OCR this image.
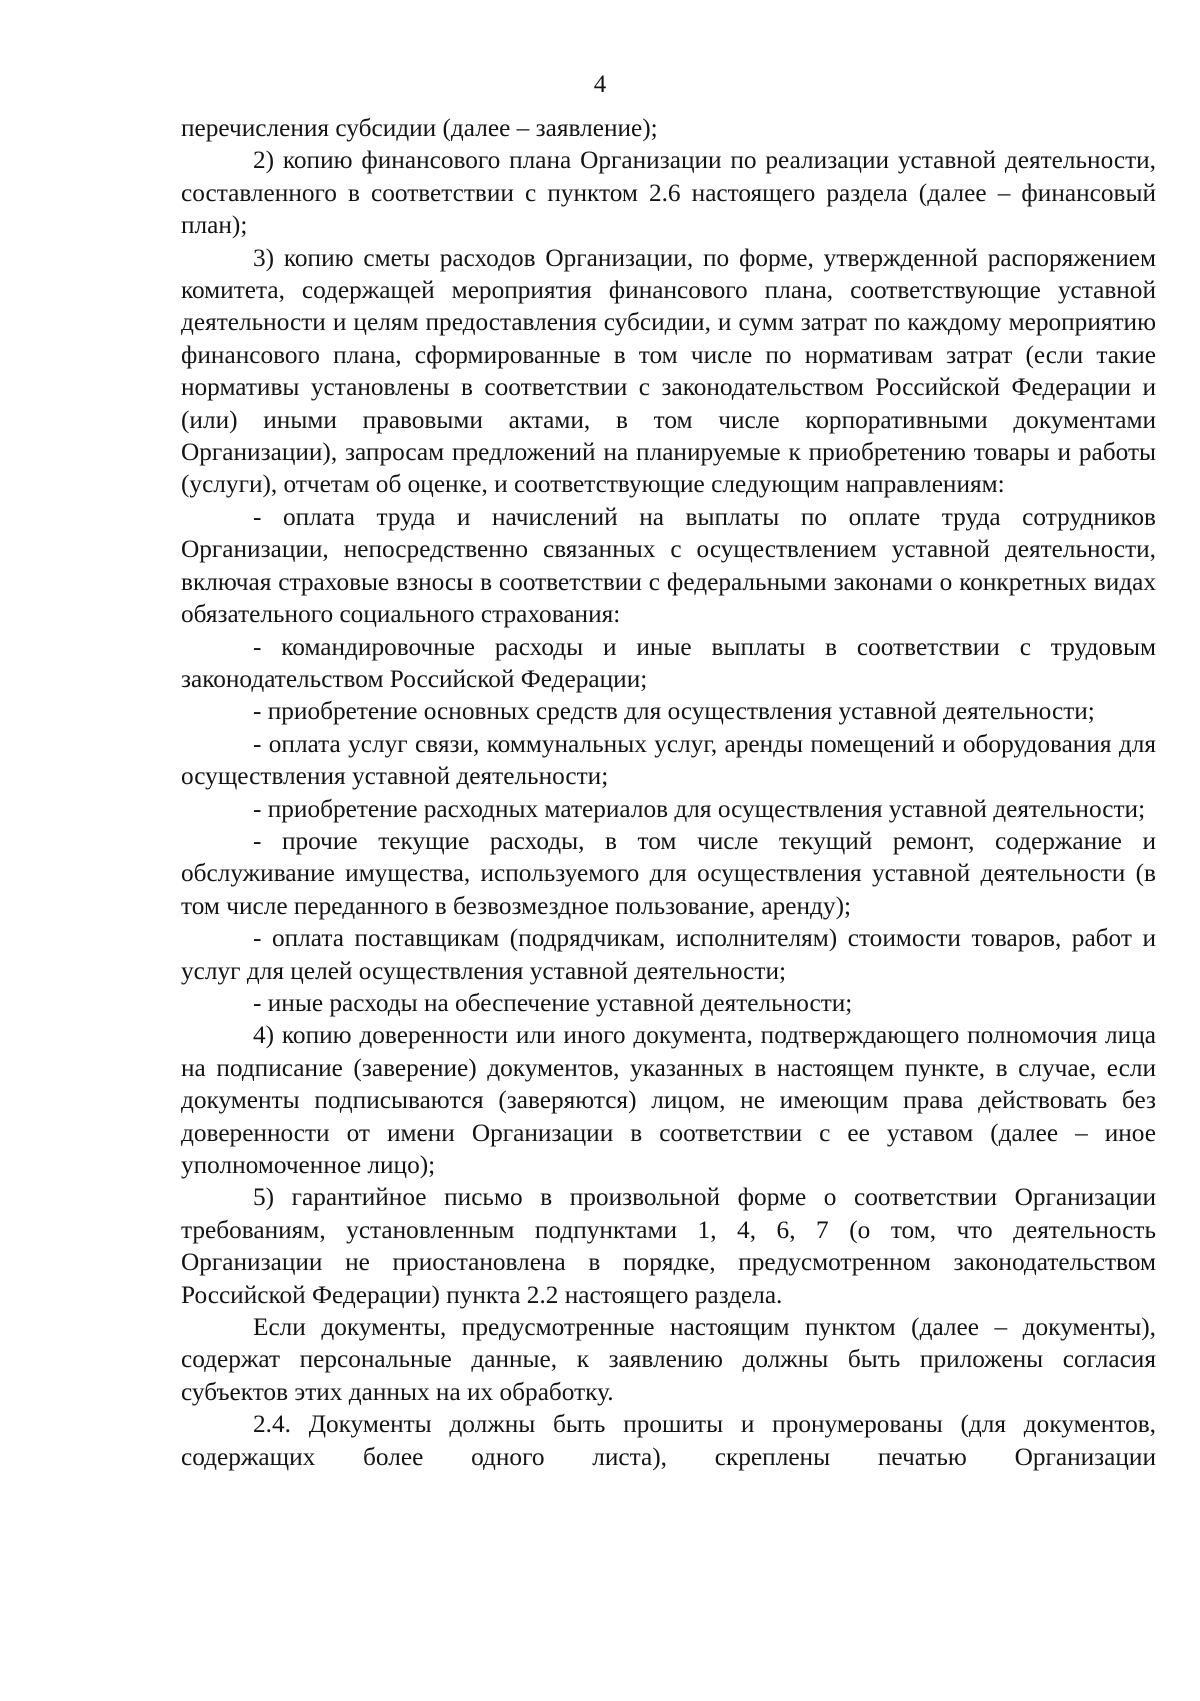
4

перечисления субсидии (далее – заявление);

2) копию финансового плана Организации по реализации уставной деятельности, составленного в соответствии с пунктом 2.6 настоящего раздела (далее – финансовый план);

3) копию сметы расходов Организации, по форме, утвержденной распоряжением комитета, содержащей мероприятия финансового плана, соответствующие уставной деятельности и целям предоставления субсидии, и сумм затрат по каждому мероприятию финансового плана, сформированные в том числе по нормативам затрат (если такие нормативы установлены в соответствии с законодательством Российской Федерации и (или) иными правовыми актами, в том числе корпоративными документами Организации), запросам предложений на планируемые к приобретению товары и работы (услуги), отчетам об оценке, и соответствующие следующим направлениям:

- оплата труда и начислений на выплаты по оплате труда сотрудников Организации, непосредственно связанных с осуществлением уставной деятельности, включая страховые взносы в соответствии с федеральными законами о конкретных видах обязательного социального страхования:

- командировочные расходы и иные выплаты в соответствии с трудовым законодательством Российской Федерации;

- приобретение основных средств для осуществления уставной деятельности;

- оплата услуг связи, коммунальных услуг, аренды помещений и оборудования для осуществления уставной деятельности;

- приобретение расходных материалов для осуществления уставной деятельности;

- прочие текущие расходы, в том числе текущий ремонт, содержание и обслуживание имущества, используемого для осуществления уставной деятельности (в том числе переданного в безвозмездное пользование, аренду);

- оплата поставщикам (подрядчикам, исполнителям) стоимости товаров, работ и услуг для целей осуществления уставной деятельности;

- иные расходы на обеспечение уставной деятельности;

4) копию доверенности или иного документа, подтверждающего полномочия лица на подписание (заверение) документов, указанных в настоящем пункте, в случае, если документы подписываются (заверяются) лицом, не имеющим права действовать без доверенности от имени Организации в соответствии с ее уставом (далее – иное уполномоченное лицо);

5) гарантийное письмо в произвольной форме о соответствии Организации требованиям, установленным подпунктами 1, 4, 6, 7 (о том, что деятельность Организации не приостановлена в порядке, предусмотренном законодательством Российской Федерации) пункта 2.2 настоящего раздела.

Если документы, предусмотренные настоящим пунктом (далее – документы), содержат персональные данные, к заявлению должны быть приложены согласия субъектов этих данных на их обработку.

2.4. Документы должны быть прошиты и пронумерованы (для документов, содержащих более одного листа), скреплены печатью Организации
